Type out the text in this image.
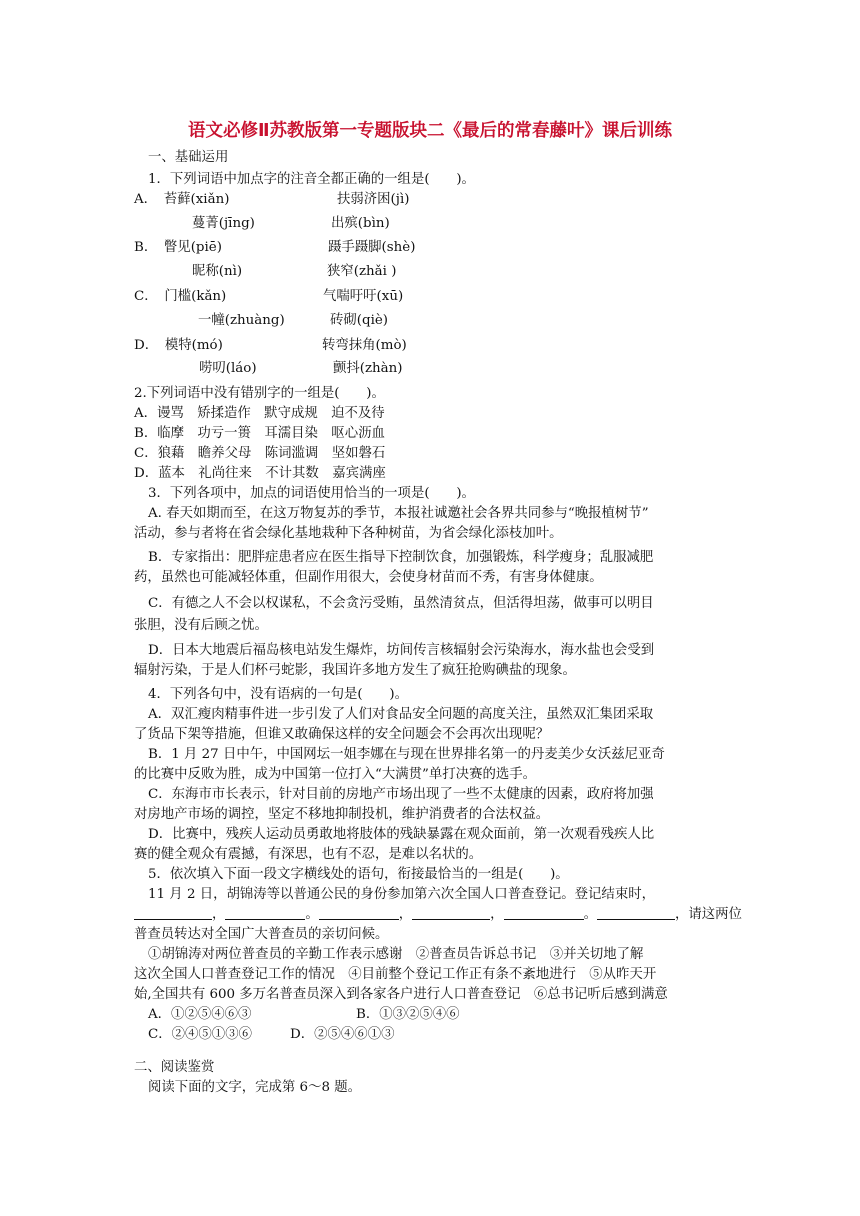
语文必修Ⅱ苏教版第一专题版块二《最后的常春藤叶》课后训练
一、基础运用
1．下列词语中加点字的注音全都正确的一组是(　　)。
A．　苔藓(xiǎn)	扶弱济困(jì)
蔓菁(jīng)	出殡(bìn)
B．　瞥见(piē)	蹑手蹑脚(shè)
昵称(nì)	狭窄(zhǎi )
C．　门槛(kǎn)	气喘吁吁(xū)
一幢(zhuàng)	砖砌(qiè)
D．　模特(mó)	转弯抹角(mò)
唠叨(láo)	颤抖(zhàn)
2.下列词语中没有错别字的一组是(　　)。
A．谩骂　矫揉造作　默守成规　迫不及待
B．临摩　功亏一篑　耳濡目染　呕心沥血
C．狼藉　瞻养父母　陈词滥调　坚如磐石
D．蓝本　礼尚往来　不计其数　嘉宾满座
3．下列各项中，加点的词语使用恰当的一项是(　　)。
A. 春天如期而至，在这万物复苏的季节，本报社诚邀社会各界共同参与“晚报植树节”
活动，参与者将在省会绿化基地栽种下各种树苗，为省会绿化添枝加叶。
B．专家指出：肥胖症患者应在医生指导下控制饮食，加强锻炼，科学瘦身；乱服减肥
药，虽然也可能减轻体重，但副作用很大，会使身材苗而不秀，有害身体健康。
C．有德之人不会以权谋私，不会贪污受贿，虽然清贫点，但活得坦荡，做事可以明目
张胆，没有后顾之忧。
D．日本大地震后福岛核电站发生爆炸，坊间传言核辐射会污染海水，海水盐也会受到
辐射污染，于是人们杯弓蛇影，我国许多地方发生了疯狂抢购碘盐的现象。
4．下列各句中，没有语病的一句是(　　)。
A．双汇瘦肉精事件进一步引发了人们对食品安全问题的高度关注，虽然双汇集团采取
了货品下架等措施，但谁又敢确保这样的安全问题会不会再次出现呢？
B．1 月 27 日中午，中国网坛一姐李娜在与现在世界排名第一的丹麦美少女沃兹尼亚奇
的比赛中反败为胜，成为中国第一位打入“大满贯”单打决赛的选手。
C．东海市市长表示，针对目前的房地产市场出现了一些不太健康的因素，政府将加强
对房地产市场的调控，坚定不移地抑制投机，维护消费者的合法权益。
D．比赛中，残疾人运动员勇敢地将肢体的残缺暴露在观众面前，第一次观看残疾人比
赛的健全观众有震撼，有深思，也有不忍，是难以名状的。
5．依次填入下面一段文字横线处的语句，衔接最恰当的一组是(　　)。
11 月 2 日，胡锦涛等以普通公民的身份参加第六次全国人口普查登记。登记结束时，
，	。	，	，	。	，请这两位
普查员转达对全国广大普查员的亲切问候。
①胡锦涛对两位普查员的辛勤工作表示感谢　②普查员告诉总书记　③并关切地了解
这次全国人口普查登记工作的情况　④目前整个登记工作正有条不紊地进行　⑤从昨天开
始,全国共有 600 多万名普查员深入到各家各户进行人口普查登记　⑥总书记听后感到满意
A．①②⑤④⑥③	B．①③②⑤④⑥
C．②④⑤①③⑥	D．②⑤④⑥①③
二、阅读鉴赏
阅读下面的文字，完成第 6～8 题。
